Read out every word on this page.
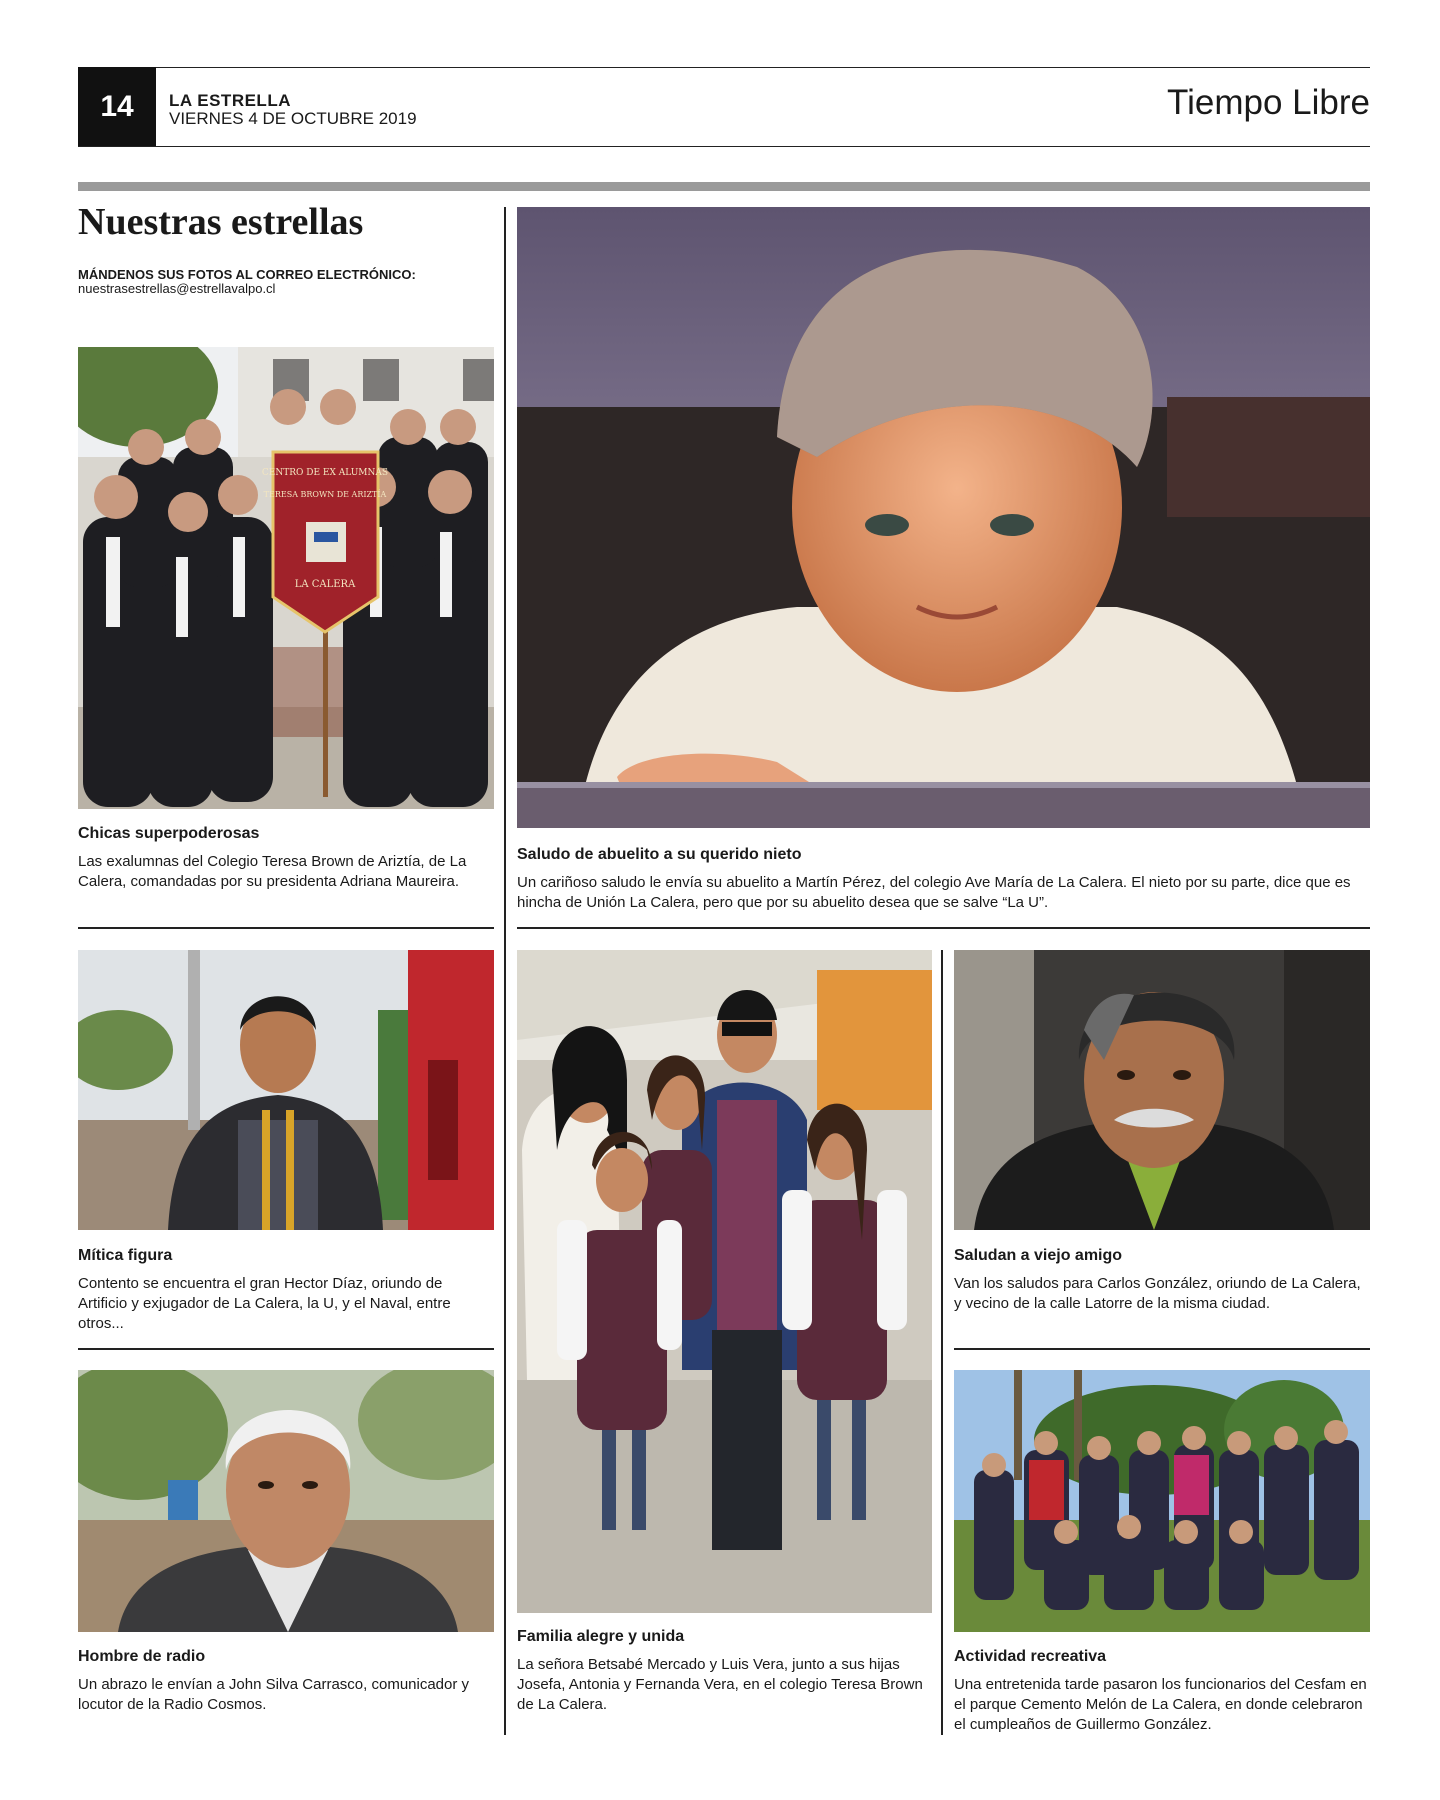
14	LA ESTRELLA
VIERNES 4 DE OCTUBRE 2019	Tiempo Libre
Nuestras estrellas
MÁNDENOS SUS FOTOS AL CORREO ELECTRÓNICO:
nuestrasestrellas@estrellavalpo.cl
CENTRO DE EX ALUMNAS
TERESA BROWN DE ARIZTÍA
LA CALERA
Chicas superpoderosas
Las exalumnas del Colegio Teresa Brown de Ariztía, de La Calera, comandadas por su presidenta Adriana Maureira.
Saludo de abuelito a su querido nieto
Un cariñoso saludo le envía su abuelito a Martín Pérez, del colegio Ave María de La Calera. El nieto por su parte, dice que es hincha de Unión La Calera, pero que por su abuelito desea que se salve “La U”.
Mítica figura
Contento se encuentra el gran Hector Díaz, oriundo de Artificio y exjugador de La Calera, la U, y el Naval, entre otros...
Familia alegre y unida
La señora Betsabé Mercado y Luis Vera, junto a sus hijas Josefa, Antonia y Fernanda Vera, en el colegio Teresa Brown de La Calera.
Saludan a viejo amigo
Van los saludos para Carlos González, oriundo de La Calera, y vecino de la calle Latorre de la misma ciudad.
Hombre de radio
Un abrazo le envían a John Silva Carrasco, comunicador y locutor de la Radio Cosmos.
Actividad recreativa
Una entretenida tarde pasaron los funcionarios del Cesfam en el parque Cemento Melón de La Calera, en donde celebraron el cumpleaños de Guillermo González.
